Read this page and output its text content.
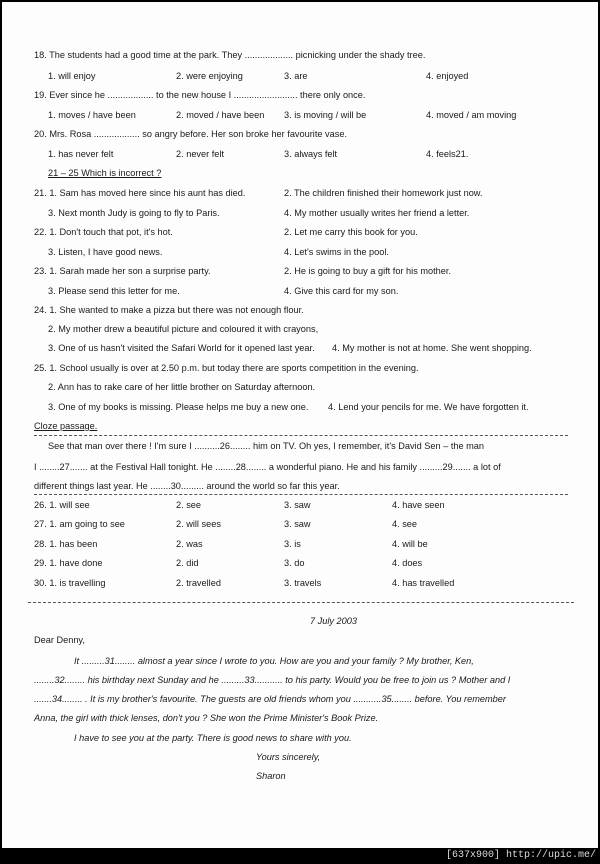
18. The students had a good time at the park. They ................... picnicking under the shady tree.
1. will enjoy	2. were enjoying	3. are	4. enjoyed
19. Ever since he .................. to the new house I ......................... there only once.
1. moves / have been	2. moved / have been 3. is moving / will be	4. moved / am moving
20. Mrs. Rosa .................. so angry before. Her son broke her favourite vase.
1. has never felt	2. never felt	3. always felt	4. feels21.
21 – 25 Which is incorrect ?
21. 1. Sam has moved here since his aunt has died.	2. The children finished their homework just now.
3. Next month Judy is going to fly to Paris.	4. My mother usually writes her friend a letter.
22. 1. Don't touch that pot, it's hot.	2. Let me carry this book for you.
3. Listen, I have good news.	4. Let's swims in the pool.
23. 1. Sarah made her son a surprise party.	2. He is going to buy a gift for his mother.
3. Please send this letter for me.	4. Give this card for my son.
24. 1. She wanted to make a pizza but there was not enough flour.
2. My mother drew a beautiful picture and coloured it with crayons,
3. One of us hasn't visited the Safari World for it opened last year. 4. My mother is not at home. She went shopping.
25. 1. School usually is over at 2.50 p.m. but today there are sports competition in the evening.
2. Ann has to rake care of her little brother on Saturday afternoon.
3. One of my books is missing. Please helps me buy a new one. 4. Lend your pencils for me. We have forgotten it.
Cloze passage.
See that man over there ! I'm sure I ..........26........ him on TV. Oh yes, I remember, it's David Sen – the man
I ........27....... at the Festival Hall tonight. He ........28........ a wonderful piano. He and his family .........29....... a lot of
different things last year. He ........30......... around the world so far this year.
26. 1. will see	2. see	3. saw	4. have seen
27. 1. am going to see	2. will sees	3. saw	4. see
28. 1. has been	2. was	3. is	4. will be
29. 1. have done	2. did	3. do	4. does
30. 1. is travelling	2. travelled	3. travels	4. has travelled
7 July 2003
Dear Denny,
It .........31........ almost a year since I wrote to you. How are you and your family ? My brother, Ken,
........32........ his birthday next Sunday and he .........33........... to his party. Would you be free to join us ? Mother and I
.......34........ . It is my brother's favourite. The guests are old friends whom you ...........35........ before. You remember
Anna, the girl with thick lenses, don't you ? She won the Prime Minister's Book Prize.
I have to see you at the party. There is good news to share with you.
Yours sincerely,
Sharon
[637x900] http://upic.me/
